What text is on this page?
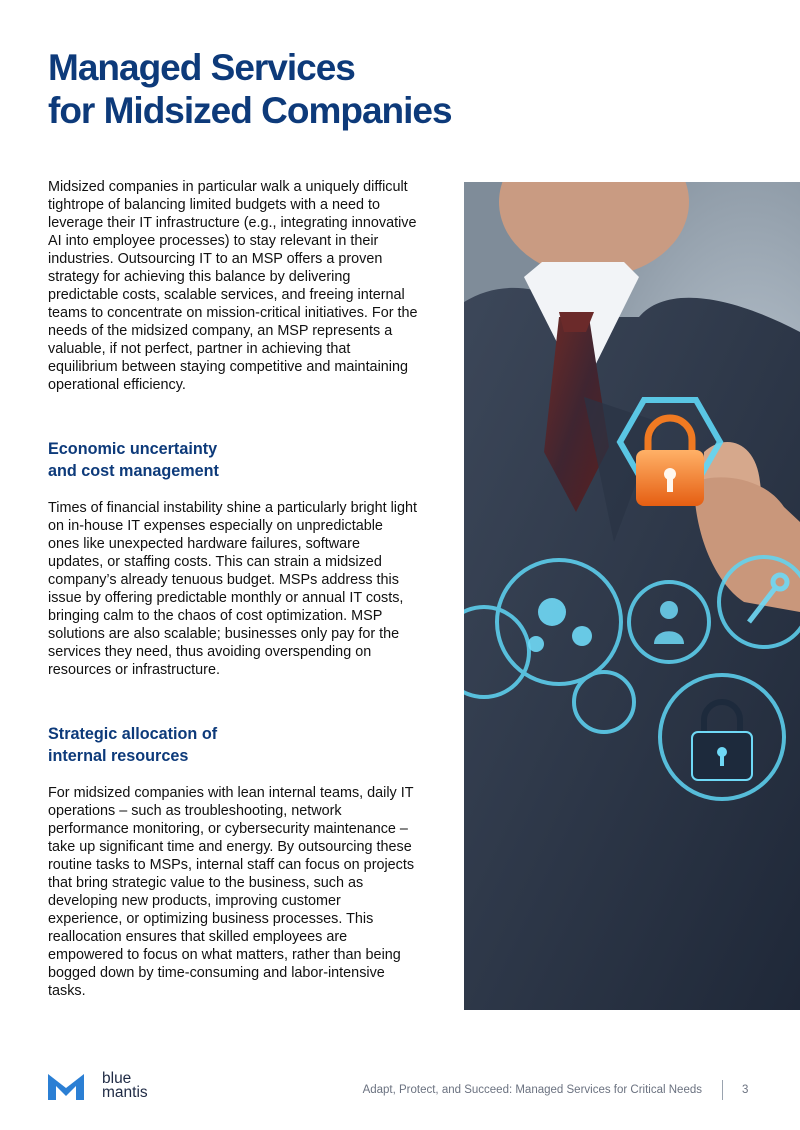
Managed Services
for Midsized Companies

Midsized companies in particular walk a uniquely difficult tightrope of balancing limited budgets with a need to leverage their IT infrastructure (e.g., integrating innovative AI into employee processes) to stay relevant in their industries. Outsourcing IT to an MSP offers a proven strategy for achieving this balance by delivering predictable costs, scalable services, and freeing internal teams to concentrate on mission-critical initiatives. For the needs of the midsized company, an MSP represents a valuable, if not perfect, partner in achieving that equilibrium between staying competitive and maintaining operational efficiency.

Economic uncertainty
and cost management

Times of financial instability shine a particularly bright light on in-house IT expenses especially on unpredictable ones like unexpected hardware failures, software updates, or staffing costs. This can strain a midsized company’s already tenuous budget. MSPs address this issue by offering predictable monthly or annual IT costs, bringing calm to the chaos of cost optimization. MSP solutions are also scalable; businesses only pay for the services they need, thus avoiding overspending on resources or infrastructure.

Strategic allocation of
internal resources

For midsized companies with lean internal teams, daily IT operations – such as troubleshooting, network performance monitoring, or cybersecurity maintenance – take up significant time and energy. By outsourcing these routine tasks to MSPs, internal staff can focus on projects that bring strategic value to the business, such as developing new products, improving customer experience, or optimizing business processes. This reallocation ensures that skilled employees are empowered to focus on what matters, rather than being bogged down by time-consuming and labor-intensive tasks.

blue
mantis	Adapt, Protect, and Succeed: Managed Services for Critical Needs	3
